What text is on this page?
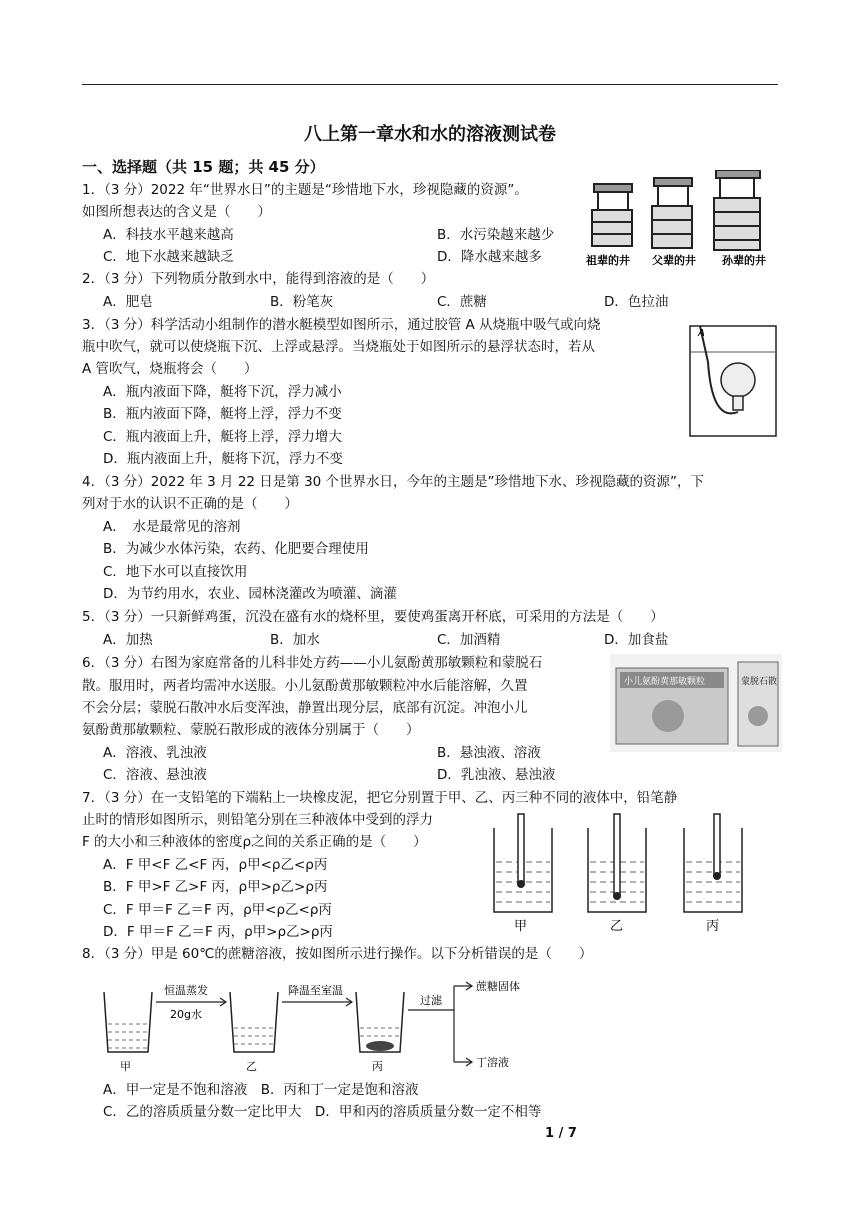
八上第一章水和水的溶液测试卷
一、选择题（共 15 题；共 45 分）
1．（3 分）2022 年“世界水日”的主题是“珍惜地下水，珍视隐藏的资源”。
如图所想表达的含义是（　　）
A．科技水平越来越高	B．水污染越来越少
C．地下水越来越缺乏	D．降水越来越多	祖辈的井 父辈的井 孙辈的井
2．（3 分）下列物质分散到水中，能得到溶液的是（　　）
A．肥皂	B．粉笔灰	C．蔗糖	D．色拉油
3．（3 分）科学活动小组制作的潜水艇模型如图所示，通过胶管 A 从烧瓶中吸气或向烧
瓶中吹气，就可以使烧瓶下沉、上浮或悬浮。当烧瓶处于如图所示的悬浮状态时，若从
A 管吹气，烧瓶将会（　　）
A．瓶内液面下降，艇将下沉，浮力减小
B．瓶内液面下降，艇将上浮，浮力不变
C．瓶内液面上升，艇将上浮，浮力增大
D．瓶内液面上升，艇将下沉，浮力不变
A
4．（3 分）2022 年 3 月 22 日是第 30 个世界水日，今年的主题是”珍惜地下水、珍视隐藏的资源”，下
列对于水的认识不正确的是（　　）
A．　水是最常见的溶剂
B．为减少水体污染，农药、化肥要合理使用
C．地下水可以直接饮用
D．为节约用水，农业、园林浇灌改为喷灌、滴灌
5．（3 分）一只新鲜鸡蛋，沉没在盛有水的烧杯里，要使鸡蛋离开杯底，可采用的方法是（　　）
A．加热	B．加水	C．加酒精	D．加食盐
6．（3 分）右图为家庭常备的儿科非处方药——小儿氨酚黄那敏颗粒和蒙脱石
散。服用时，两者均需冲水送服。小儿氨酚黄那敏颗粒冲水后能溶解，久置
不会分层；蒙脱石散冲水后变浑浊，静置出现分层，底部有沉淀。冲泡小儿
氨酚黄那敏颗粒、蒙脱石散形成的液体分别属于（　　）
A．溶液、乳浊液	B．悬浊液、溶液
C．溶液、悬浊液	D．乳浊液、悬浊液
小儿氨酚黄那敏颗粒	蒙脱石散
7．（3 分）在一支铅笔的下端粘上一块橡皮泥，把它分别置于甲、乙、丙三种不同的液体中，铅笔静
止时的情形如图所示，则铅笔分别在三种液体中受到的浮力
F 的大小和三种液体的密度ρ之间的关系正确的是（　　）
A．F 甲<F 乙<F 丙，ρ甲<ρ乙<ρ丙
B．F 甲>F 乙>F 丙，ρ甲>ρ乙>ρ丙
C．F 甲＝F 乙＝F 丙，ρ甲<ρ乙<ρ丙
D．F 甲＝F 乙＝F 丙，ρ甲>ρ乙>ρ丙	甲	乙	丙
8．（3 分）甲是 60℃的蔗糖溶液，按如图所示进行操作。以下分析错误的是（　　）
恒温蒸发
20g水
降温至室温
过滤
蔗糖固体
丁溶液
甲	乙	丙
A．甲一定是不饱和溶液　B．丙和丁一定是饱和溶液
C．乙的溶质质量分数一定比甲大　D．甲和丙的溶质质量分数一定不相等
1 / 7
